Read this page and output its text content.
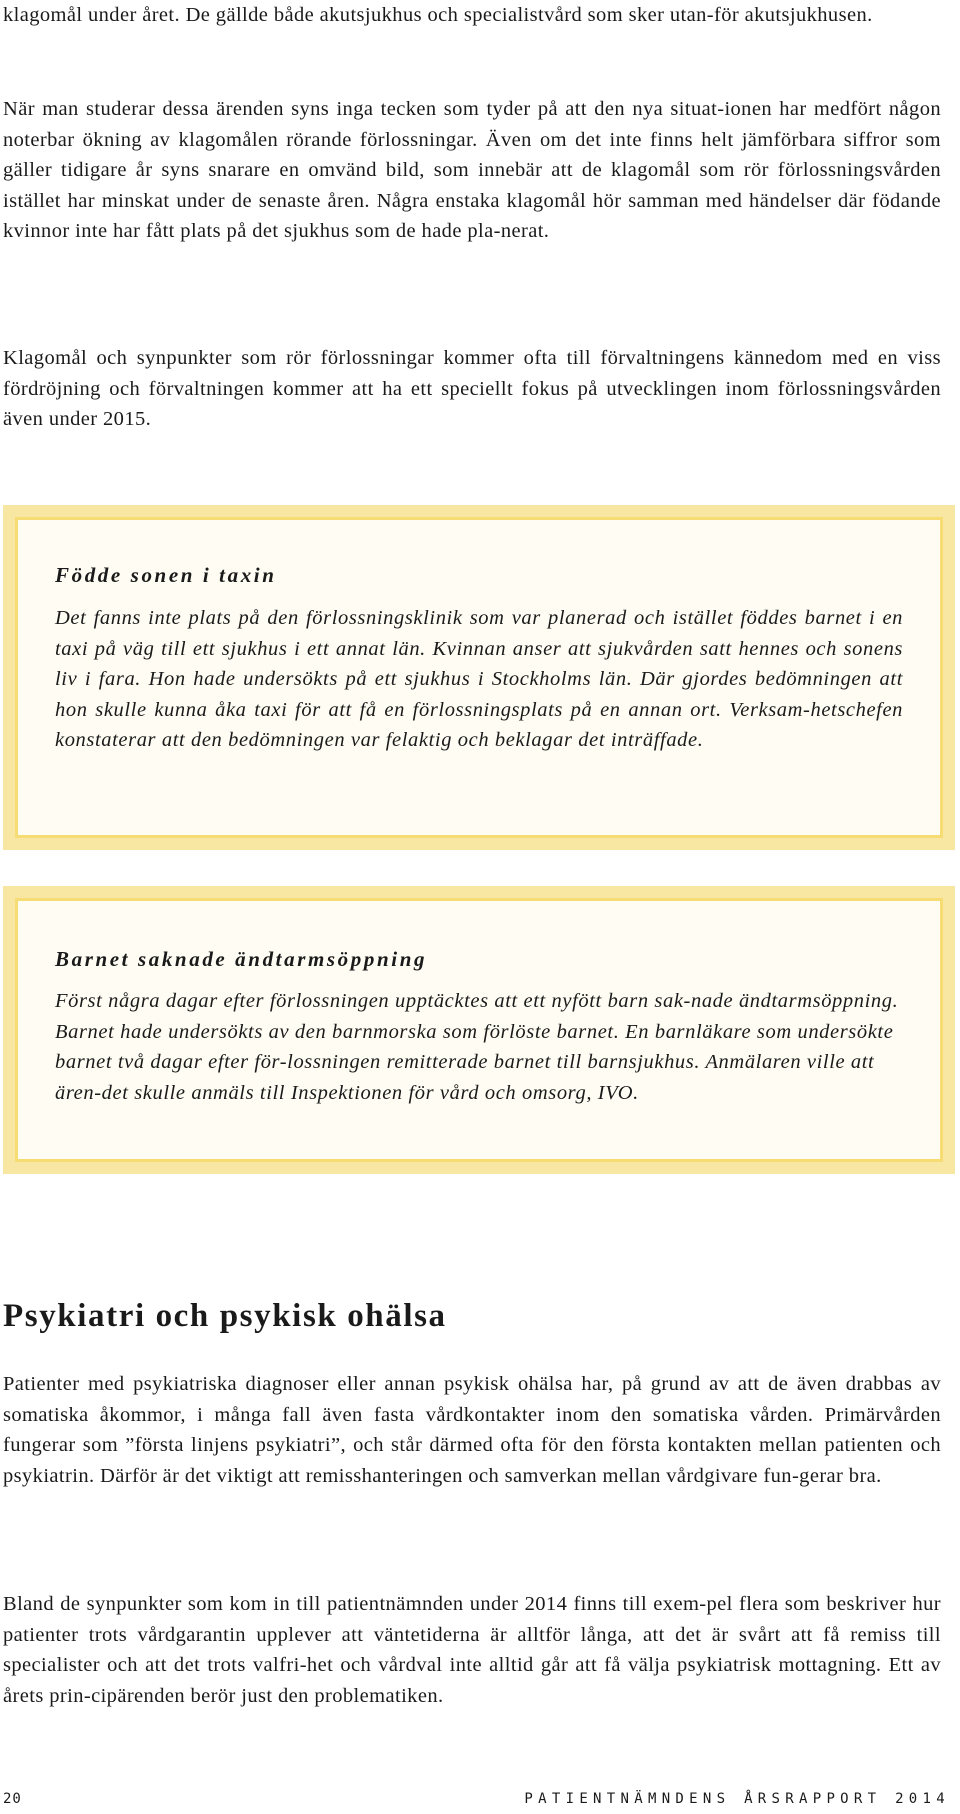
klagomål under året. De gällde både akutsjukhus och specialistvård som sker utan-för akutsjukhusen.

När man studerar dessa ärenden syns inga tecken som tyder på att den nya situat-ionen har medfört någon noterbar ökning av klagomålen rörande förlossningar. Även om det inte finns helt jämförbara siffror som gäller tidigare år syns snarare en omvänd bild, som innebär att de klagomål som rör förlossningsvården istället har minskat under de senaste åren. Några enstaka klagomål hör samman med händelser där födande kvinnor inte har fått plats på det sjukhus som de hade pla-nerat.

Klagomål och synpunkter som rör förlossningar kommer ofta till förvaltningens kännedom med en viss fördröjning och förvaltningen kommer att ha ett speciellt fokus på utvecklingen inom förlossningsvården även under 2015.

Födde sonen i taxin

Det fanns inte plats på den förlossningsklinik som var planerad och istället föddes barnet i en taxi på väg till ett sjukhus i ett annat län. Kvinnan anser att sjukvården satt hennes och sonens liv i fara. Hon hade undersökts på ett sjukhus i Stockholms län. Där gjordes bedömningen att hon skulle kunna åka taxi för att få en förlossningsplats på en annan ort. Verksam-hetschefen konstaterar att den bedömningen var felaktig och beklagar det inträffade.

Barnet saknade ändtarmsöppning

Först några dagar efter förlossningen upptäcktes att ett nyfött barn sak-nade ändtarmsöppning. Barnet hade undersökts av den barnmorska som förlöste barnet. En barnläkare som undersökte barnet två dagar efter för-lossningen remitterade barnet till barnsjukhus. Anmälaren ville att ären-det skulle anmäls till Inspektionen för vård och omsorg, IVO.

Psykiatri och psykisk ohälsa

Patienter med psykiatriska diagnoser eller annan psykisk ohälsa har, på grund av att de även drabbas av somatiska åkommor, i många fall även fasta vårdkontakter inom den somatiska vården. Primärvården fungerar som ”första linjens psykiatri”, och står därmed ofta för den första kontakten mellan patienten och psykiatrin. Därför är det viktigt att remisshanteringen och samverkan mellan vårdgivare fun-gerar bra.

Bland de synpunkter som kom in till patientnämnden under 2014 finns till exem-pel flera som beskriver hur patienter trots vårdgarantin upplever att väntetiderna är alltför långa, att det är svårt att få remiss till specialister och att det trots valfri-het och vårdval inte alltid går att få välja psykiatrisk mottagning. Ett av årets prin-cipärenden berör just den problematiken.

20	PATIENTNÄMNDENS ÅRSRAPPORT 2014
